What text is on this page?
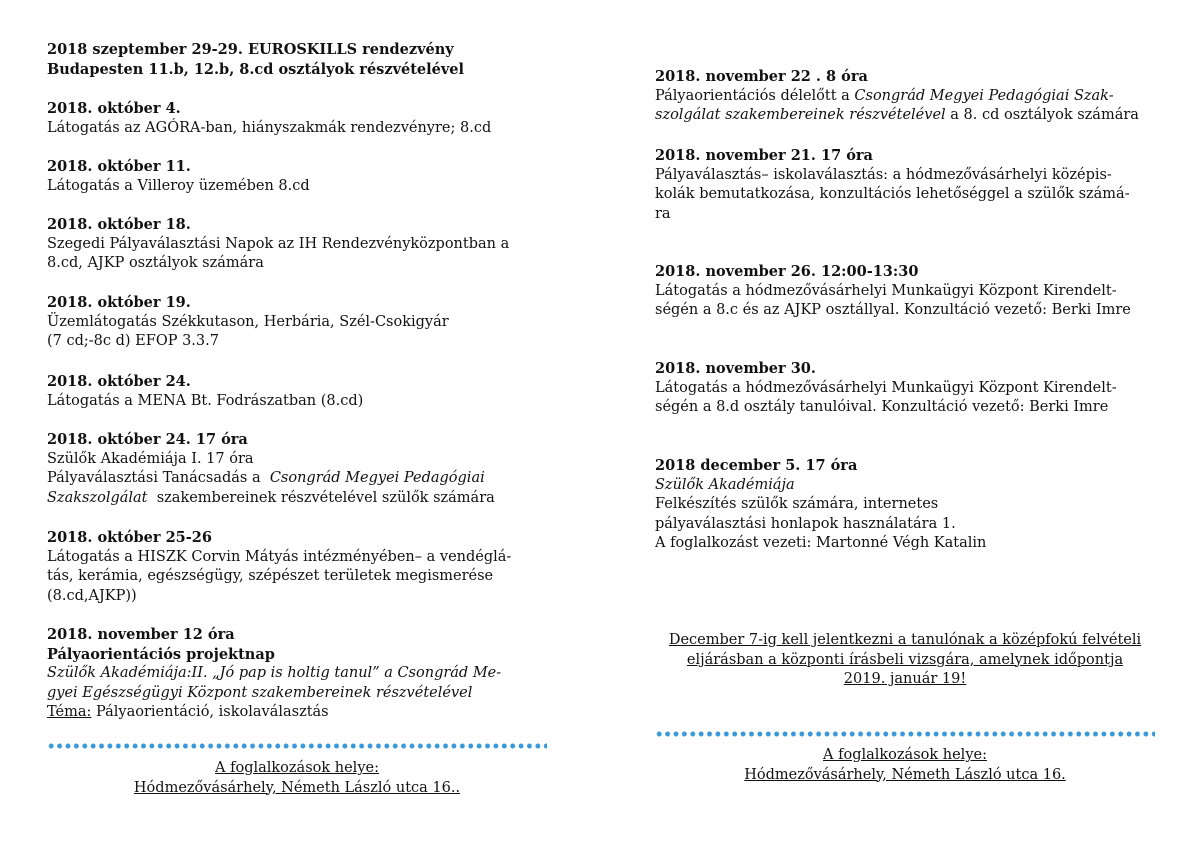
2018 szeptember 29-29. EUROSKILLS rendezvény
Budapesten 11.b, 12.b, 8.cd osztályok részvételével
2018. október 4.
Látogatás az AGÓRA-ban, hiányszakmák rendezvényre; 8.cd
2018. október 11.
Látogatás a Villeroy üzemében 8.cd
2018. október 18.
Szegedi Pályaválasztási Napok az IH Rendezvényközpontban a
8.cd, AJKP osztályok számára
2018. október 19.
Üzemlátogatás Székkutason, Herbária, Szél-Csokigyár
(7 cd;-8c d) EFOP 3.3.7
2018. október 24.
Látogatás a MENA Bt. Fodrászatban (8.cd)
2018. október 24. 17 óra
Szülők Akadémiája I. 17 óra
Pályaválasztási Tanácsadás a Csongrád Megyei Pedagógiai
Szakszolgálat szakembereinek részvételével szülők számára
2018. október 25-26
Látogatás a HISZK Corvin Mátyás intézményében– a vendéglá-
tás, kerámia, egészségügy, szépészet területek megismerése
(8.cd,AJKP))
2018. november 12 óra
Pályaorientációs projektnap
Szülők Akadémiája:II. „Jó pap is holtig tanul” a Csongrád Me-
gyei Egészségügyi Központ szakembereinek részvételével
Téma: Pályaorientáció, iskolaválasztás
A foglalkozások helye:
Hódmezővásárhely, Németh László utca 16..
2018. november 22 . 8 óra
Pályaorientációs délelőtt a Csongrád Megyei Pedagógiai Szak-
szolgálat szakembereinek részvételével a 8. cd osztályok számára
2018. november 21. 17 óra
Pályaválasztás– iskolaválasztás: a hódmezővásárhelyi középis-
kolák bemutatkozása, konzultációs lehetőséggel a szülők számá-
ra
2018. november 26. 12:00-13:30
Látogatás a hódmezővásárhelyi Munkaügyi Központ Kirendelt-
ségén a 8.c és az AJKP osztállyal. Konzultáció vezető: Berki Imre
2018. november 30.
Látogatás a hódmezővásárhelyi Munkaügyi Központ Kirendelt-
ségén a 8.d osztály tanulóival. Konzultáció vezető: Berki Imre
2018 december 5. 17 óra
Szülők Akadémiája
Felkészítés szülők számára, internetes
pályaválasztási honlapok használatára 1.
A foglalkozást vezeti: Martonné Végh Katalin
December 7-ig kell jelentkezni a tanulónak a középfokú felvételi
eljárásban a központi írásbeli vizsgára, amelynek időpontja
2019. január 19!
A foglalkozások helye:
Hódmezővásárhely, Németh László utca 16.
